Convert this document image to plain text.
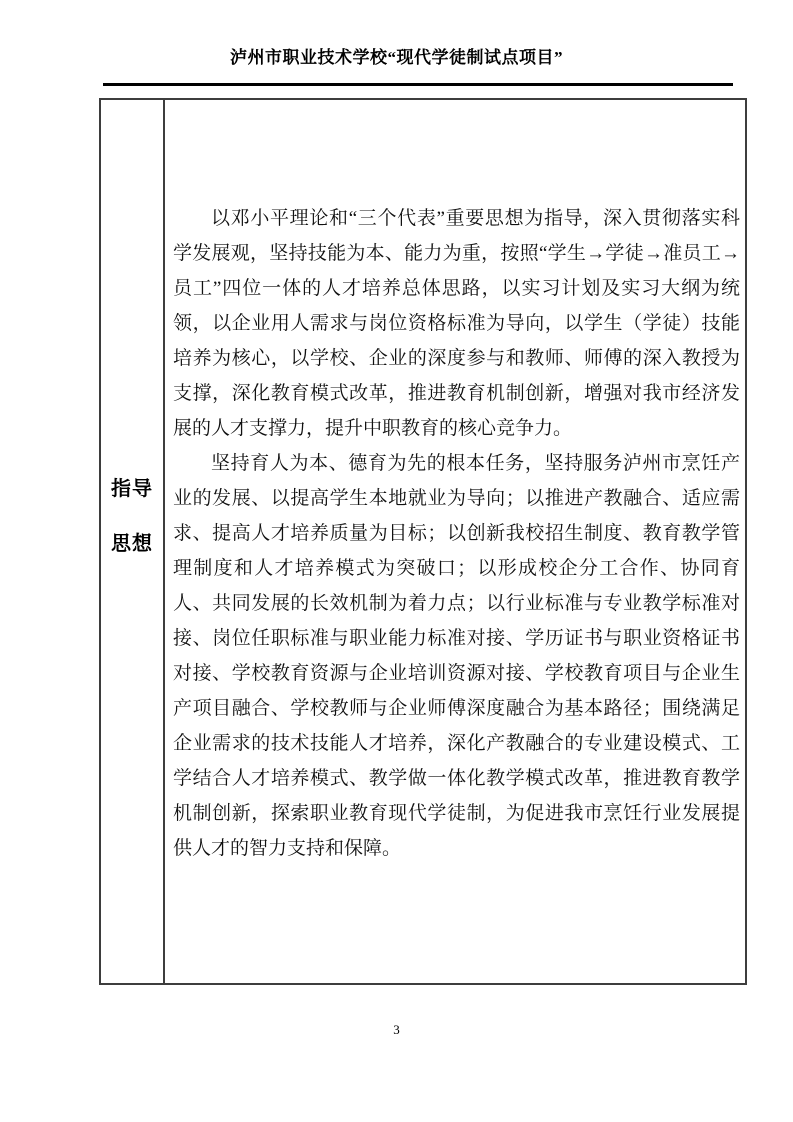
泸州市职业技术学校“现代学徒制试点项目”
指导
思想

以邓小平理论和“三个代表”重要思想为指导，深入贯彻落实科学发展观，坚持技能为本、能力为重，按照“学生→学徒→准员工→员工”四位一体的人才培养总体思路，以实习计划及实习大纲为统领，以企业用人需求与岗位资格标准为导向，以学生（学徒）技能培养为核心，以学校、企业的深度参与和教师、师傅的深入教授为支撑，深化教育模式改革，推进教育机制创新，增强对我市经济发展的人才支撑力，提升中职教育的核心竞争力。

坚持育人为本、德育为先的根本任务，坚持服务泸州市烹饪产业的发展、以提高学生本地就业为导向；以推进产教融合、适应需求、提高人才培养质量为目标；以创新我校招生制度、教育教学管理制度和人才培养模式为突破口；以形成校企分工合作、协同育人、共同发展的长效机制为着力点；以行业标准与专业教学标准对接、岗位任职标准与职业能力标准对接、学历证书与职业资格证书对接、学校教育资源与企业培训资源对接、学校教育项目与企业生产项目融合、学校教师与企业师傅深度融合为基本路径；围绕满足企业需求的技术技能人才培养，深化产教融合的专业建设模式、工学结合人才培养模式、教学做一体化教学模式改革，推进教育教学机制创新，探索职业教育现代学徒制，为促进我市烹饪行业发展提供人才的智力支持和保障。

3
